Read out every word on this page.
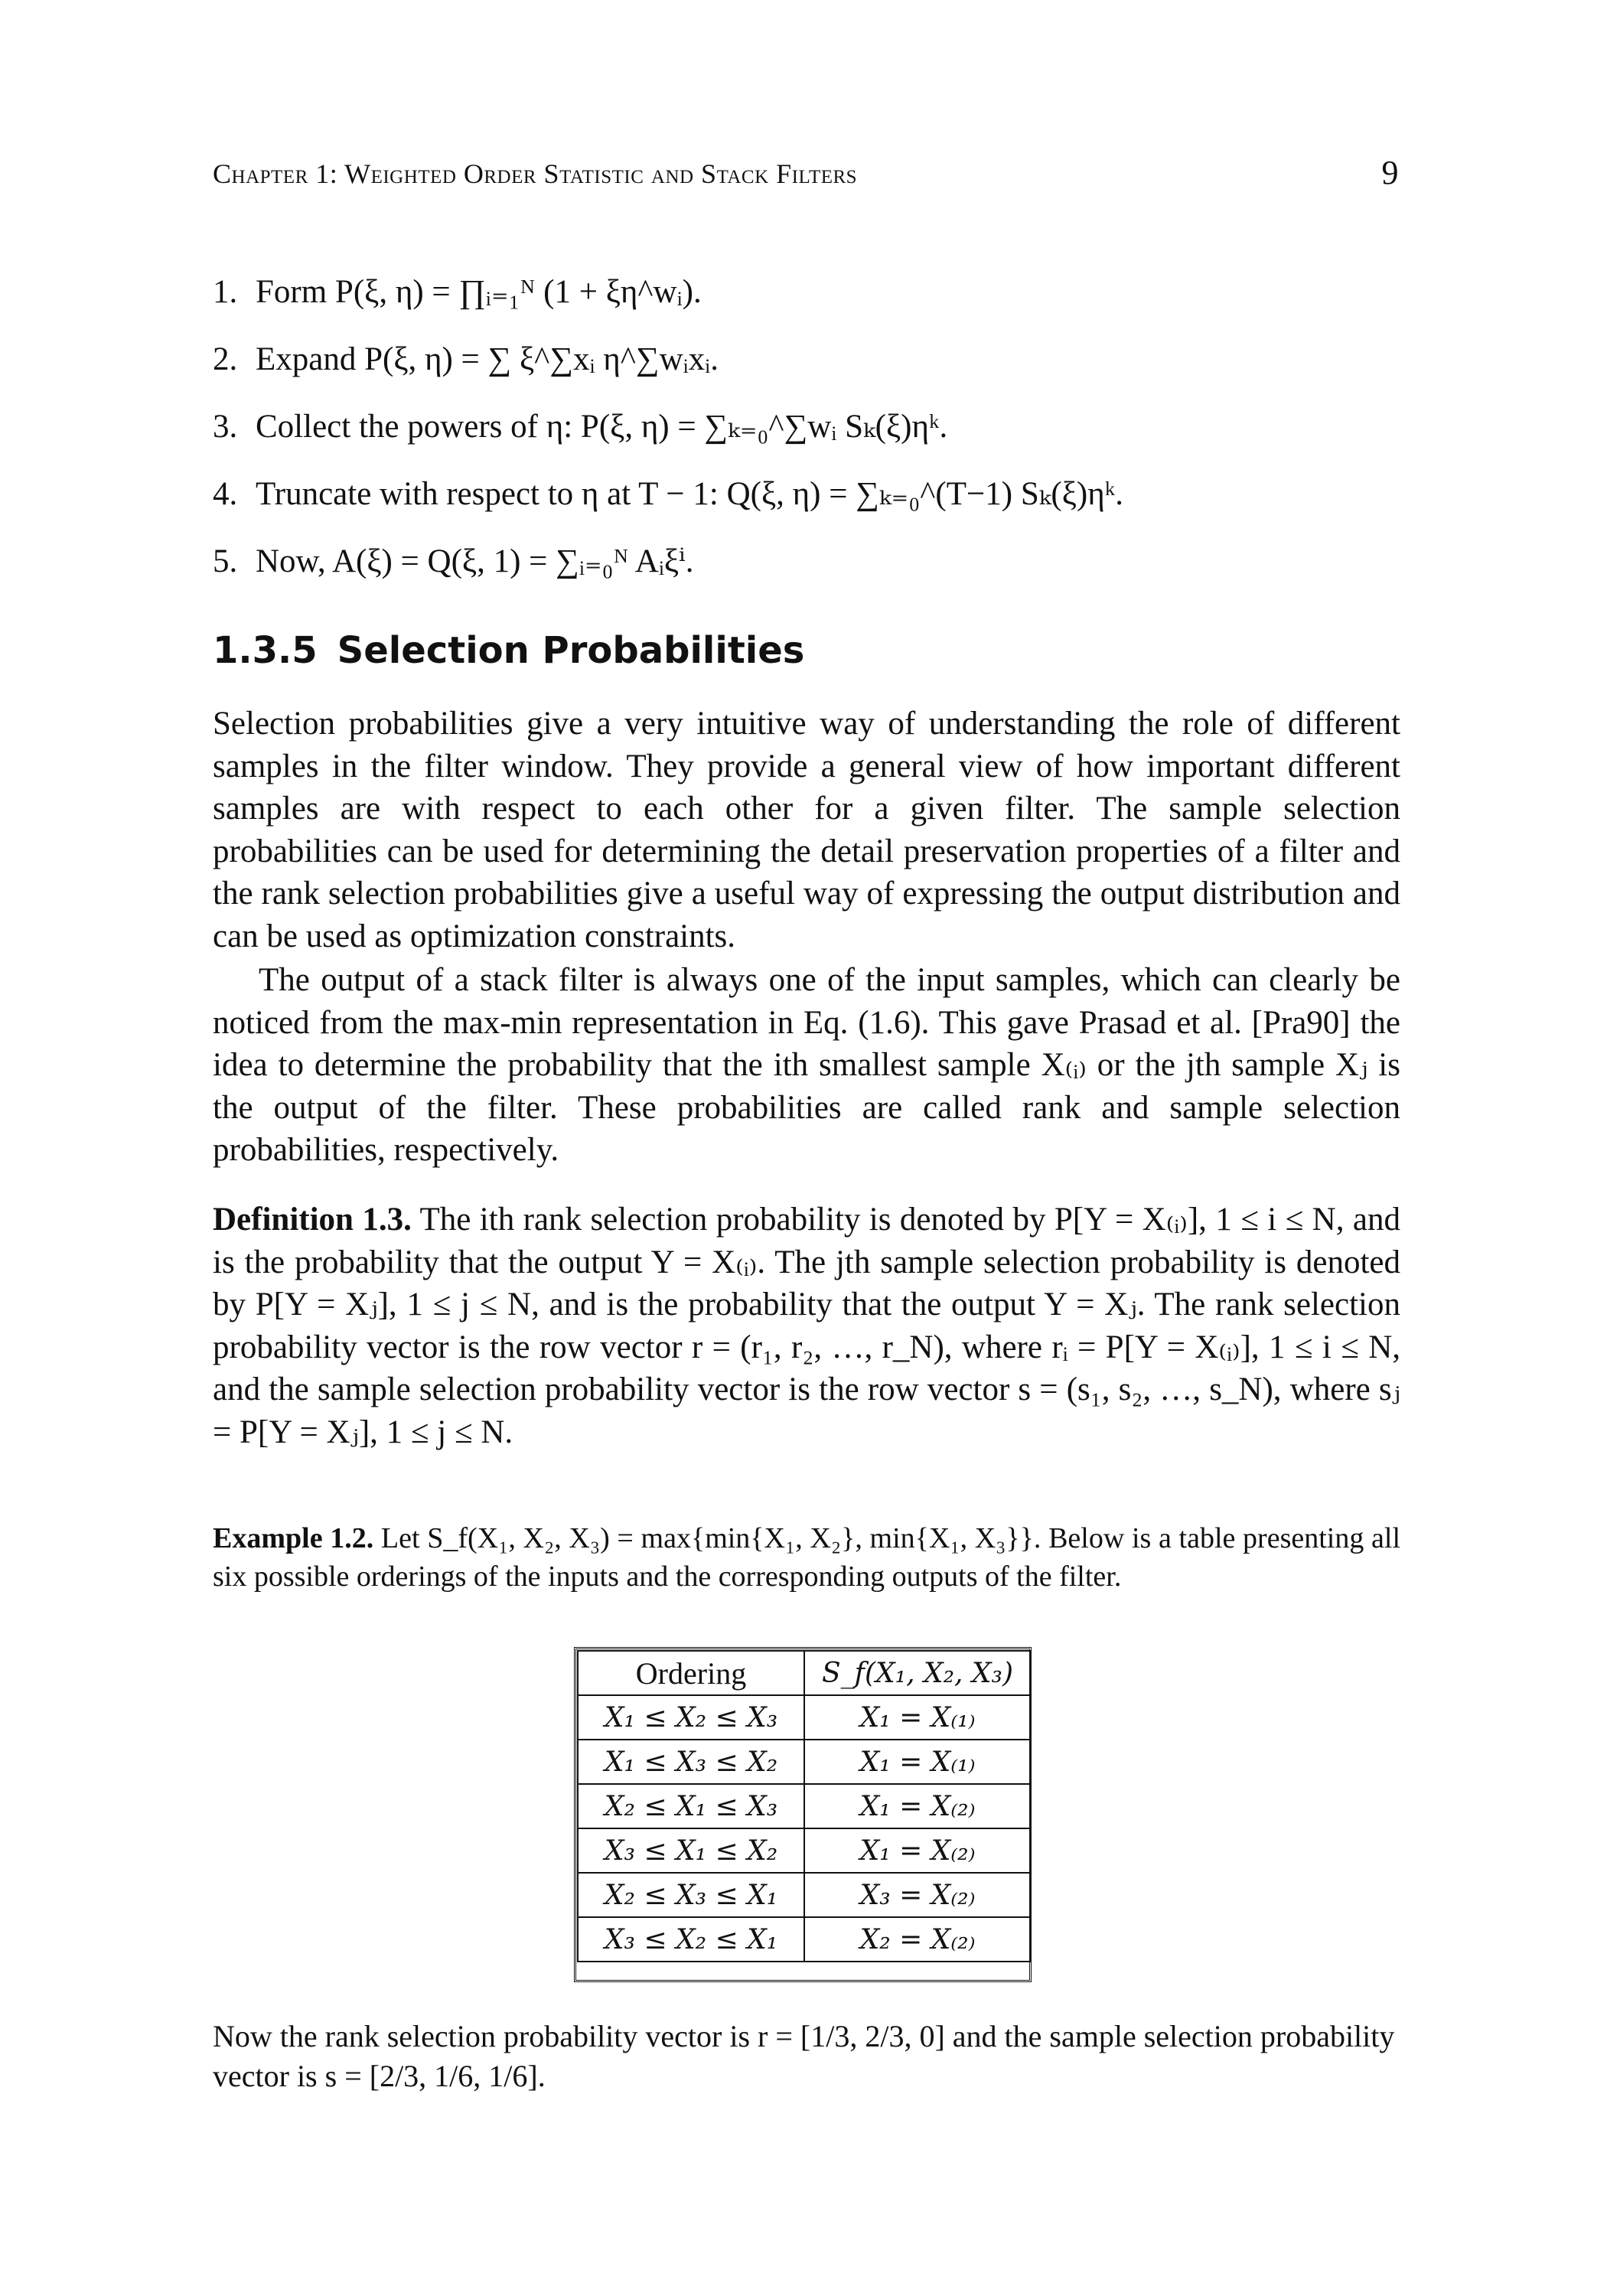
Chapter 1: Weighted Order Statistic and Stack Filters	9
1. Form P(ξ, η) = ∏ᵢ₌₁ᴺ (1 + ξη^wᵢ).
2. Expand P(ξ, η) = ∑ ξ^∑xᵢ η^∑wᵢxᵢ.
3. Collect the powers of η: P(ξ, η) = ∑ₖ₌₀^∑wᵢ Sₖ(ξ)ηᵏ.
4. Truncate with respect to η at T − 1: Q(ξ, η) = ∑ₖ₌₀^(T−1) Sₖ(ξ)ηᵏ.
5. Now, A(ξ) = Q(ξ, 1) = ∑ᵢ₌₀ᴺ Aᵢξⁱ.
1.3.5 Selection Probabilities
Selection probabilities give a very intuitive way of understanding the role of different samples in the filter window. They provide a general view of how important different samples are with respect to each other for a given filter. The sample selection probabilities can be used for determining the detail preservation properties of a filter and the rank selection probabilities give a useful way of expressing the output distribution and can be used as optimization constraints.
The output of a stack filter is always one of the input samples, which can clearly be noticed from the max-min representation in Eq. (1.6). This gave Prasad et al. [Pra90] the idea to determine the probability that the ith smallest sample X₍ᵢ₎ or the jth sample Xⱼ is the output of the filter. These probabilities are called rank and sample selection probabilities, respectively.
Definition 1.3. The ith rank selection probability is denoted by P[Y = X₍ᵢ₎], 1 ≤ i ≤ N, and is the probability that the output Y = X₍ᵢ₎. The jth sample selection probability is denoted by P[Y = Xⱼ], 1 ≤ j ≤ N, and is the probability that the output Y = Xⱼ. The rank selection probability vector is the row vector r = (r₁, r₂, …, r_N), where rᵢ = P[Y = X₍ᵢ₎], 1 ≤ i ≤ N, and the sample selection probability vector is the row vector s = (s₁, s₂, …, s_N), where sⱼ = P[Y = Xⱼ], 1 ≤ j ≤ N.
Example 1.2. Let S_f(X₁, X₂, X₃) = max{min{X₁, X₂}, min{X₁, X₃}}. Below is a table presenting all six possible orderings of the inputs and the corresponding outputs of the filter.
Ordering	S_f(X₁, X₂, X₃)
X₁ ≤ X₂ ≤ X₃	X₁ = X₍₁₎
X₁ ≤ X₃ ≤ X₂	X₁ = X₍₁₎
X₂ ≤ X₁ ≤ X₃	X₁ = X₍₂₎
X₃ ≤ X₁ ≤ X₂	X₁ = X₍₂₎
X₂ ≤ X₃ ≤ X₁	X₃ = X₍₂₎
X₃ ≤ X₂ ≤ X₁	X₂ = X₍₂₎
Now the rank selection probability vector is r = [1/3, 2/3, 0] and the sample selection probability vector is s = [2/3, 1/6, 1/6].
